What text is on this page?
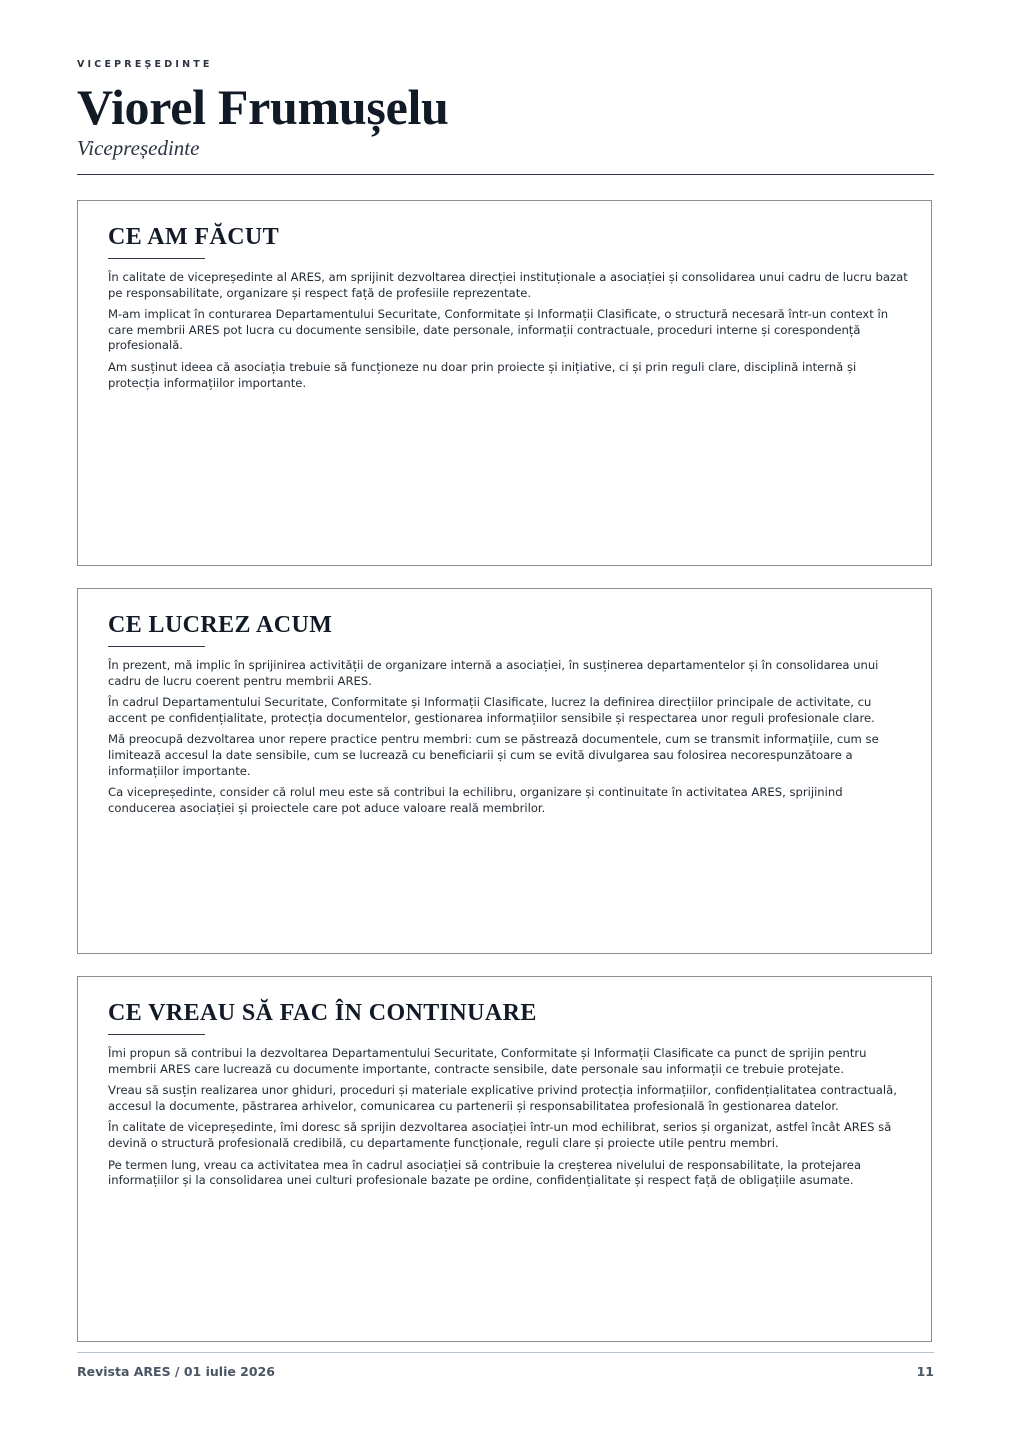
VICEPREȘEDINTE
Viorel Frumușelu
Vicepreședinte
CE AM FĂCUT

În calitate de vicepreședinte al ARES, am sprijinit dezvoltarea direcției instituționale a asociației și consolidarea unui cadru de lucru bazat pe responsabilitate, organizare și respect față de profesiile reprezentate.

M-am implicat în conturarea Departamentului Securitate, Conformitate și Informații Clasificate, o structură necesară într-un context în care membrii ARES pot lucra cu documente sensibile, date personale, informații contractuale, proceduri interne și corespondență profesională.

Am susținut ideea că asociația trebuie să funcționeze nu doar prin proiecte și inițiative, ci și prin reguli clare, disciplină internă și protecția informațiilor importante.

CE LUCREZ ACUM

În prezent, mă implic în sprijinirea activității de organizare internă a asociației, în susținerea departamentelor și în consolidarea unui cadru de lucru coerent pentru membrii ARES.

În cadrul Departamentului Securitate, Conformitate și Informații Clasificate, lucrez la definirea direcțiilor principale de activitate, cu accent pe confidențialitate, protecția documentelor, gestionarea informațiilor sensibile și respectarea unor reguli profesionale clare.

Mă preocupă dezvoltarea unor repere practice pentru membri: cum se păstrează documentele, cum se transmit informațiile, cum se limitează accesul la date sensibile, cum se lucrează cu beneficiarii și cum se evită divulgarea sau folosirea necorespunzătoare a informațiilor importante.

Ca vicepreședinte, consider că rolul meu este să contribui la echilibru, organizare și continuitate în activitatea ARES, sprijinind conducerea asociației și proiectele care pot aduce valoare reală membrilor.

CE VREAU SĂ FAC ÎN CONTINUARE

Îmi propun să contribui la dezvoltarea Departamentului Securitate, Conformitate și Informații Clasificate ca punct de sprijin pentru membrii ARES care lucrează cu documente importante, contracte sensibile, date personale sau informații ce trebuie protejate.

Vreau să susțin realizarea unor ghiduri, proceduri și materiale explicative privind protecția informațiilor, confidențialitatea contractuală, accesul la documente, păstrarea arhivelor, comunicarea cu partenerii și responsabilitatea profesională în gestionarea datelor.

În calitate de vicepreședinte, îmi doresc să sprijin dezvoltarea asociației într-un mod echilibrat, serios și organizat, astfel încât ARES să devină o structură profesională credibilă, cu departamente funcționale, reguli clare și proiecte utile pentru membri.

Pe termen lung, vreau ca activitatea mea în cadrul asociației să contribuie la creșterea nivelului de responsabilitate, la protejarea informațiilor și la consolidarea unei culturi profesionale bazate pe ordine, confidențialitate și respect față de obligațiile asumate.

Revista ARES / 01 iulie 2026	11
